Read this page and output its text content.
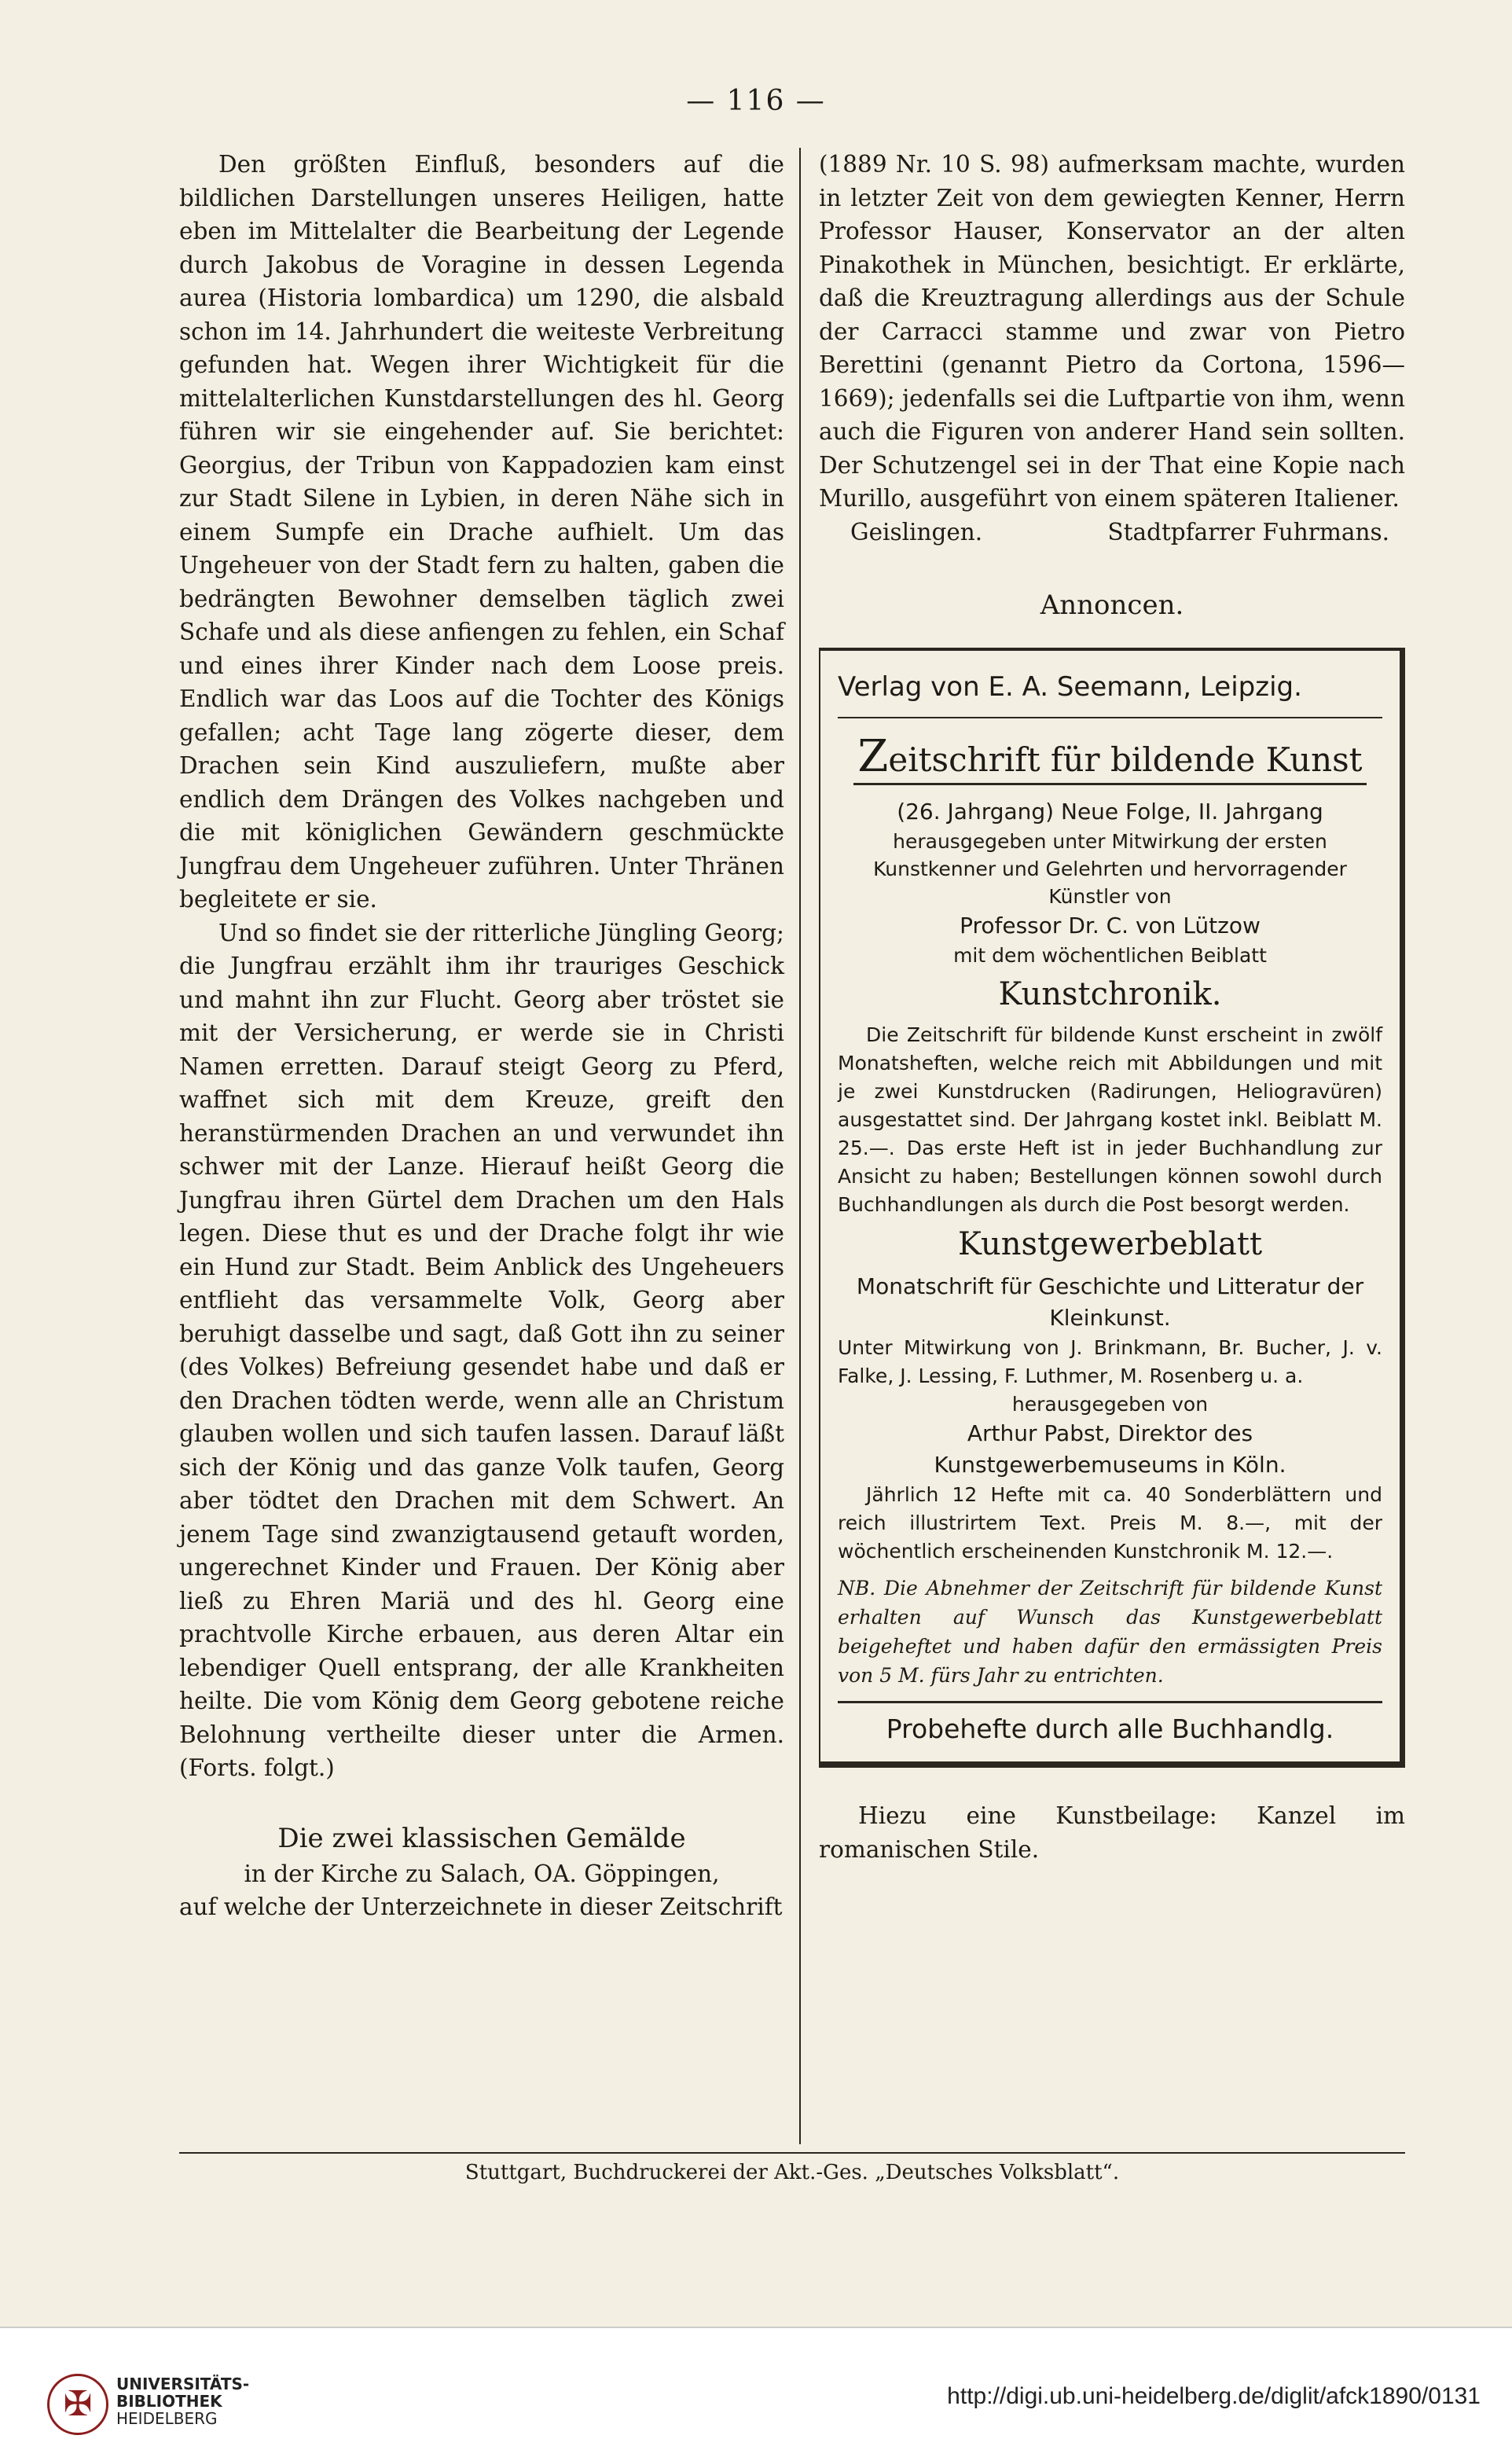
— 116 —

Den größten Einfluß, besonders auf die bildlichen Darstellungen unseres Heiligen, hatte eben im Mittelalter die Bearbeitung der Legende durch Jakobus de Voragine in dessen Legenda aurea (Historia lombardica) um 1290, die alsbald schon im 14. Jahrhundert die weiteste Verbreitung gefunden hat. Wegen ihrer Wichtigkeit für die mittelalterlichen Kunstdarstellungen des hl. Georg führen wir sie eingehender auf. Sie berichtet: Georgius, der Tribun von Kappadozien kam einst zur Stadt Silene in Lybien, in deren Nähe sich in einem Sumpfe ein Drache aufhielt. Um das Ungeheuer von der Stadt fern zu halten, gaben die bedrängten Bewohner demselben täglich zwei Schafe und als diese anfiengen zu fehlen, ein Schaf und eines ihrer Kinder nach dem Loose preis. Endlich war das Loos auf die Tochter des Königs gefallen; acht Tage lang zögerte dieser, dem Drachen sein Kind auszuliefern, mußte aber endlich dem Drängen des Volkes nachgeben und die mit königlichen Gewändern geschmückte Jungfrau dem Ungeheuer zuführen. Unter Thränen begleitete er sie.

Und so findet sie der ritterliche Jüngling Georg; die Jungfrau erzählt ihm ihr trauriges Geschick und mahnt ihn zur Flucht. Georg aber tröstet sie mit der Versicherung, er werde sie in Christi Namen erretten. Darauf steigt Georg zu Pferd, waffnet sich mit dem Kreuze, greift den heranstürmenden Drachen an und verwundet ihn schwer mit der Lanze. Hierauf heißt Georg die Jungfrau ihren Gürtel dem Drachen um den Hals legen. Diese thut es und der Drache folgt ihr wie ein Hund zur Stadt. Beim Anblick des Ungeheuers entflieht das versammelte Volk, Georg aber beruhigt dasselbe und sagt, daß Gott ihn zu seiner (des Volkes) Befreiung gesendet habe und daß er den Drachen tödten werde, wenn alle an Christum glauben wollen und sich taufen lassen. Darauf läßt sich der König und das ganze Volk taufen, Georg aber tödtet den Drachen mit dem Schwert. An jenem Tage sind zwanzigtausend getauft worden, ungerechnet Kinder und Frauen. Der König aber ließ zu Ehren Mariä und des hl. Georg eine prachtvolle Kirche erbauen, aus deren Altar ein lebendiger Quell entsprang, der alle Krankheiten heilte. Die vom König dem Georg gebotene reiche Belohnung vertheilte dieser unter die Armen. (Forts. folgt.)

Die zwei klassischen Gemälde

in der Kirche zu Salach, OA. Göppingen,

auf welche der Unterzeichnete in dieser Zeitschrift

(1889 Nr. 10 S. 98) aufmerksam machte, wurden in letzter Zeit von dem gewiegten Kenner, Herrn Professor Hauser, Konservator an der alten Pinakothek in München, besichtigt. Er erklärte, daß die Kreuztragung allerdings aus der Schule der Carracci stamme und zwar von Pietro Berettini (genannt Pietro da Cortona, 1596—1669); jedenfalls sei die Luftpartie von ihm, wenn auch die Figuren von anderer Hand sein sollten. Der Schutzengel sei in der That eine Kopie nach Murillo, ausgeführt von einem späteren Italiener.

Geislingen.	Stadtpfarrer Fuhrmans.

Annoncen.

Verlag von E. A. Seemann, Leipzig.
Zeitschrift für bildende Kunst
(26. Jahrgang) Neue Folge, II. Jahrgang
herausgegeben unter Mitwirkung der ersten Kunstkenner und Gelehrten und hervorragender Künstler von
Professor Dr. C. von Lützow
mit dem wöchentlichen Beiblatt
Kunstchronik.
Die Zeitschrift für bildende Kunst erscheint in zwölf Monatsheften, welche reich mit Abbildungen und mit je zwei Kunstdrucken (Radirungen, Heliogravüren) ausgestattet sind. Der Jahrgang kostet inkl. Beiblatt M. 25.—. Das erste Heft ist in jeder Buchhandlung zur Ansicht zu haben; Bestellungen können sowohl durch Buchhandlungen als durch die Post besorgt werden.
Kunstgewerbeblatt
Monatschrift für Geschichte und Litteratur der Kleinkunst.
Unter Mitwirkung von J. Brinkmann, Br. Bucher, J. v. Falke, J. Lessing, F. Luthmer, M. Rosenberg u. a.
herausgegeben von
Arthur Pabst, Direktor des Kunstgewerbemuseums in Köln.
Jährlich 12 Hefte mit ca. 40 Sonderblättern und reich illustrirtem Text. Preis M. 8.—, mit der wöchentlich erscheinenden Kunstchronik M. 12.—.
NB. Die Abnehmer der Zeitschrift für bildende Kunst erhalten auf Wunsch das Kunstgewerbeblatt beigeheftet und haben dafür den ermässigten Preis von 5 M. fürs Jahr zu entrichten.
Probehefte durch alle Buchhandlg.

Hiezu eine Kunstbeilage: Kanzel im romanischen Stile.

Stuttgart, Buchdruckerei der Akt.-Ges. „Deutsches Volksblatt“.
✠	UNIVERSITÄTS-
BIBLIOTHEK
HEIDELBERG
http://digi.ub.uni-heidelberg.de/diglit/afck1890/0131
